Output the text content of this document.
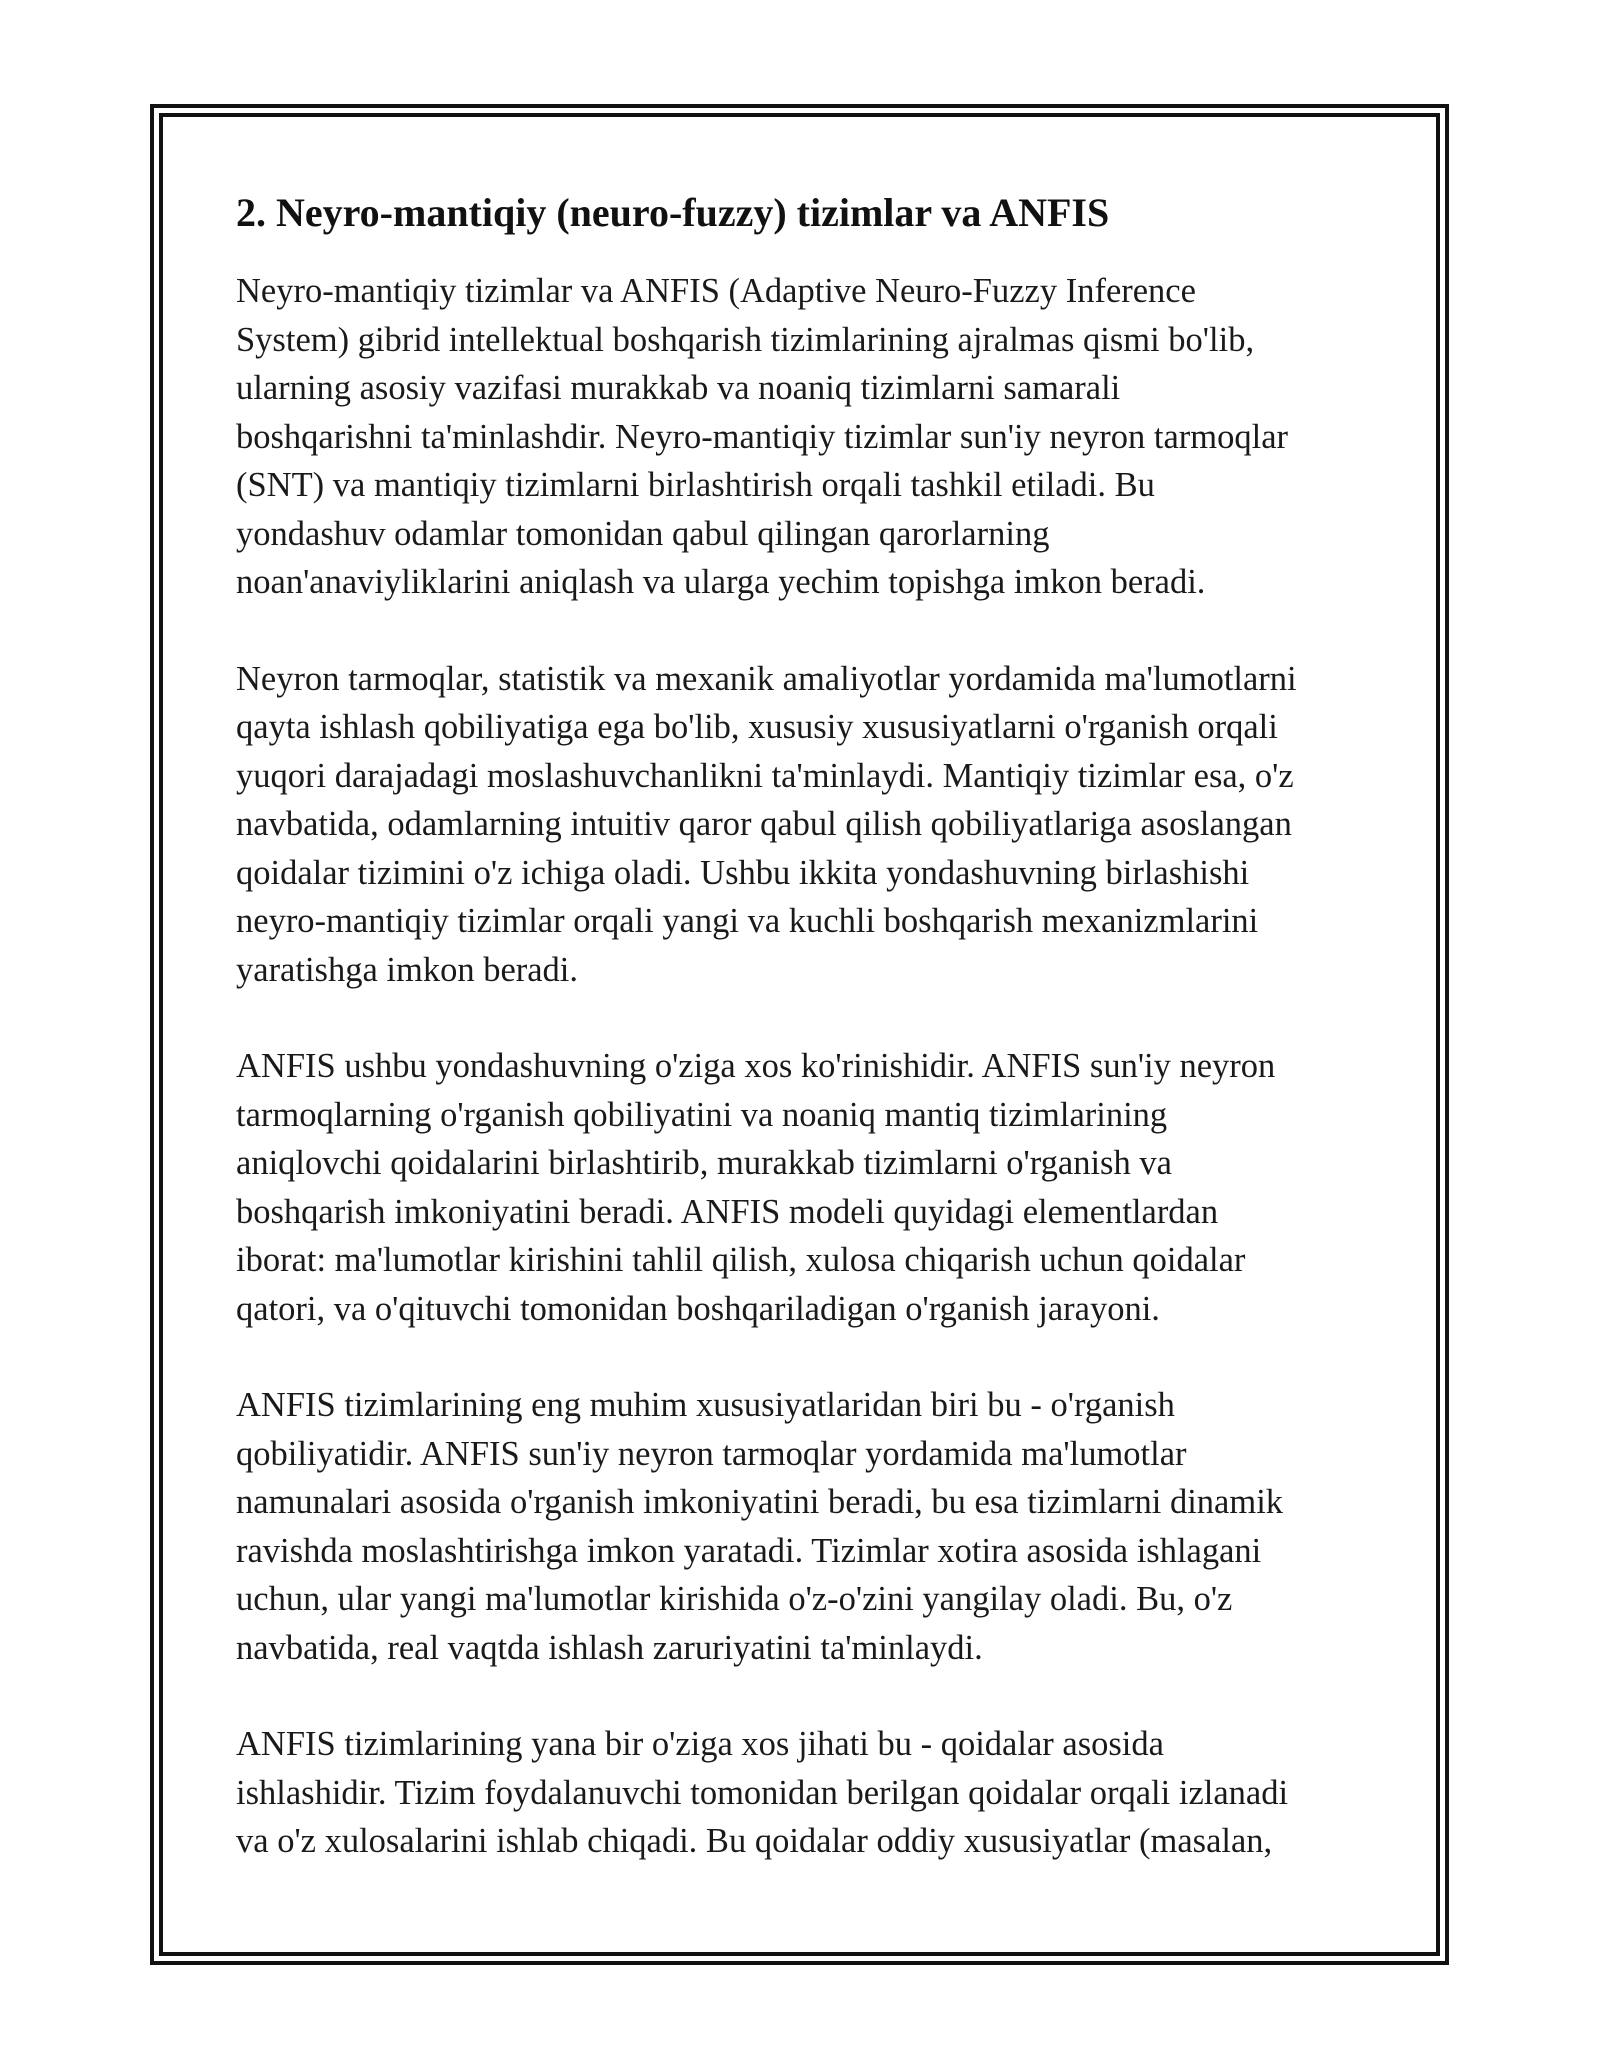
2. Neyro-mantiqiy (neuro-fuzzy) tizimlar va ANFIS

Neyro-mantiqiy tizimlar va ANFIS (Adaptive Neuro-Fuzzy Inference
System) gibrid intellektual boshqarish tizimlarining ajralmas qismi bo'lib,
ularning asosiy vazifasi murakkab va noaniq tizimlarni samarali
boshqarishni ta'minlashdir. Neyro-mantiqiy tizimlar sun'iy neyron tarmoqlar
(SNT) va mantiqiy tizimlarni birlashtirish orqali tashkil etiladi. Bu
yondashuv odamlar tomonidan qabul qilingan qarorlarning
noan'anaviyliklarini aniqlash va ularga yechim topishga imkon beradi.

Neyron tarmoqlar, statistik va mexanik amaliyotlar yordamida ma'lumotlarni
qayta ishlash qobiliyatiga ega bo'lib, xususiy xususiyatlarni o'rganish orqali
yuqori darajadagi moslashuvchanlikni ta'minlaydi. Mantiqiy tizimlar esa, o'z
navbatida, odamlarning intuitiv qaror qabul qilish qobiliyatlariga asoslangan
qoidalar tizimini o'z ichiga oladi. Ushbu ikkita yondashuvning birlashishi
neyro-mantiqiy tizimlar orqali yangi va kuchli boshqarish mexanizmlarini
yaratishga imkon beradi.

ANFIS ushbu yondashuvning o'ziga xos ko'rinishidir. ANFIS sun'iy neyron
tarmoqlarning o'rganish qobiliyatini va noaniq mantiq tizimlarining
aniqlovchi qoidalarini birlashtirib, murakkab tizimlarni o'rganish va
boshqarish imkoniyatini beradi. ANFIS modeli quyidagi elementlardan
iborat: ma'lumotlar kirishini tahlil qilish, xulosa chiqarish uchun qoidalar
qatori, va o'qituvchi tomonidan boshqariladigan o'rganish jarayoni.

ANFIS tizimlarining eng muhim xususiyatlaridan biri bu - o'rganish
qobiliyatidir. ANFIS sun'iy neyron tarmoqlar yordamida ma'lumotlar
namunalari asosida o'rganish imkoniyatini beradi, bu esa tizimlarni dinamik
ravishda moslashtirishga imkon yaratadi. Tizimlar xotira asosida ishlagani
uchun, ular yangi ma'lumotlar kirishida o'z-o'zini yangilay oladi. Bu, o'z
navbatida, real vaqtda ishlash zaruriyatini ta'minlaydi.

ANFIS tizimlarining yana bir o'ziga xos jihati bu - qoidalar asosida
ishlashidir. Tizim foydalanuvchi tomonidan berilgan qoidalar orqali izlanadi
va o'z xulosalarini ishlab chiqadi. Bu qoidalar oddiy xususiyatlar (masalan,
